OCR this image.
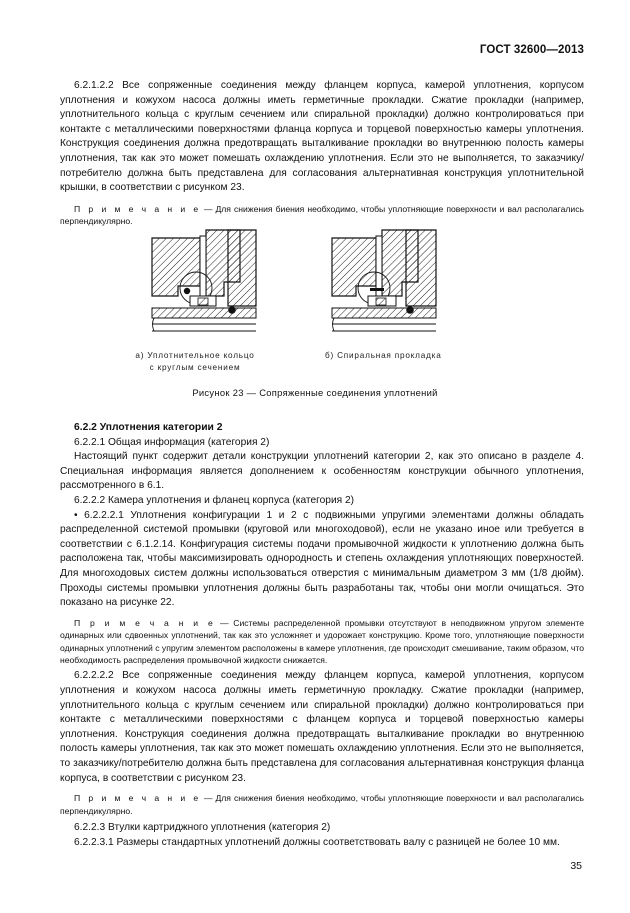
ГОСТ 32600—2013

6.2.1.2.2 Все сопряженные соединения между фланцем корпуса, камерой уплотнения, корпусом уплотнения и кожухом насоса должны иметь герметичные прокладки. Сжатие прокладки (например, уплотнительного кольца с круглым сечением или спиральной прокладки) должно контролироваться при контакте с металлическими поверхностями фланца корпуса и торцевой поверхностью камеры уплотнения. Конструкция соединения должна предотвращать выталкивание прокладки во внутреннюю полость камеры уплотнения, так как это может помешать охлаждению уплотнения. Если это не выполняется, то заказчику/потребителю должна быть представлена для согласования альтернативная конструкция уплотнительной крышки, в соответствии с рисунком 23.

П р и м е ч а н и е — Для снижения биения необходимо, чтобы уплотняющие поверхности и вал располагались перпендикулярно.

а) Уплотнительное кольцо
с круглым сечением
б) Спиральная прокладка
Рисунок 23 — Сопряженные соединения уплотнений
6.2.2 Уплотнения категории 2

6.2.2.1 Общая информация (категория 2)

Настоящий пункт содержит детали конструкции уплотнений категории 2, как это описано в разделе 4. Специальная информация является дополнением к особенностям конструкции обычного уплотнения, рассмотренного в 6.1.

6.2.2.2 Камера уплотнения и фланец корпуса (категория 2)

• 6.2.2.2.1 Уплотнения конфигурации 1 и 2 с подвижными упругими элементами должны обладать распределенной системой промывки (круговой или многоходовой), если не указано иное или требуется в соответствии с 6.1.2.14. Конфигурация системы подачи промывочной жидкости к уплотнению должна быть расположена так, чтобы максимизировать однородность и степень охлаждения уплотняющих поверхностей. Для многоходовых систем должны использоваться отверстия с минимальным диаметром 3 мм (1/8 дюйм). Проходы системы промывки уплотнения должны быть разработаны так, чтобы они могли очищаться. Это показано на рисунке 22.

П р и м е ч а н и е — Системы распределенной промывки отсутствуют в неподвижном упругом элементе одинарных или сдвоенных уплотнений, так как это усложняет и удорожает конструкцию. Кроме того, уплотняющие поверхности одинарных уплотнений с упругим элементом расположены в камере уплотнения, где происходит смешивание, таким образом, что необходимость распределения промывочной жидкости снижается.

6.2.2.2.2 Все сопряженные соединения между фланцем корпуса, камерой уплотнения, корпусом уплотнения и кожухом насоса должны иметь герметичную прокладку. Сжатие прокладки (например, уплотнительного кольца с круглым сечением или спиральной прокладки) должно контролироваться при контакте с металлическими поверхностями с фланцем корпуса и торцевой поверхностью камеры уплотнения. Конструкция соединения должна предотвращать выталкивание прокладки во внутреннюю полость камеры уплотнения, так как это может помешать охлаждению уплотнения. Если это не выполняется, то заказчику/потребителю должна быть представлена для согласования альтернативная конструкция фланца корпуса, в соответствии с рисунком 23.

П р и м е ч а н и е — Для снижения биения необходимо, чтобы уплотняющие поверхности и вал располагались перпендикулярно.

6.2.2.3 Втулки картриджного уплотнения (категория 2)

6.2.2.3.1 Размеры стандартных уплотнений должны соответствовать валу с разницей не более 10 мм.

35
